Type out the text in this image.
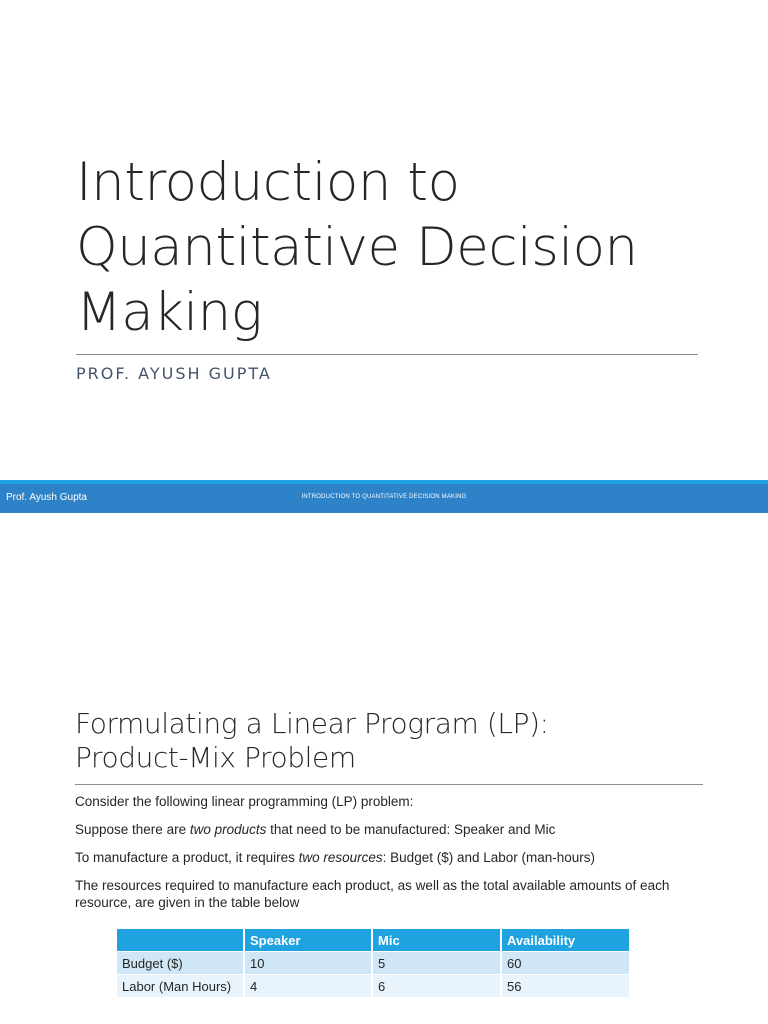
Introduction to
Quantitative Decision
Making
PROF. AYUSH GUPTA
Prof. Ayush Gupta	INTRODUCTION TO QUANTITATIVE DECISION MAKING
Formulating a Linear Program (LP):
Product-Mix Problem

Consider the following linear programming (LP) problem:

Suppose there are two products that need to be manufactured: Speaker and Mic

To manufacture a product, it requires two resources: Budget ($) and Labor (man-hours)

The resources required to manufacture each product, as well as the total available amounts of each resource, are given in the table below

	Speaker	Mic	Availability
Budget ($)	10	5	60
Labor (Man Hours)	4	6	56
